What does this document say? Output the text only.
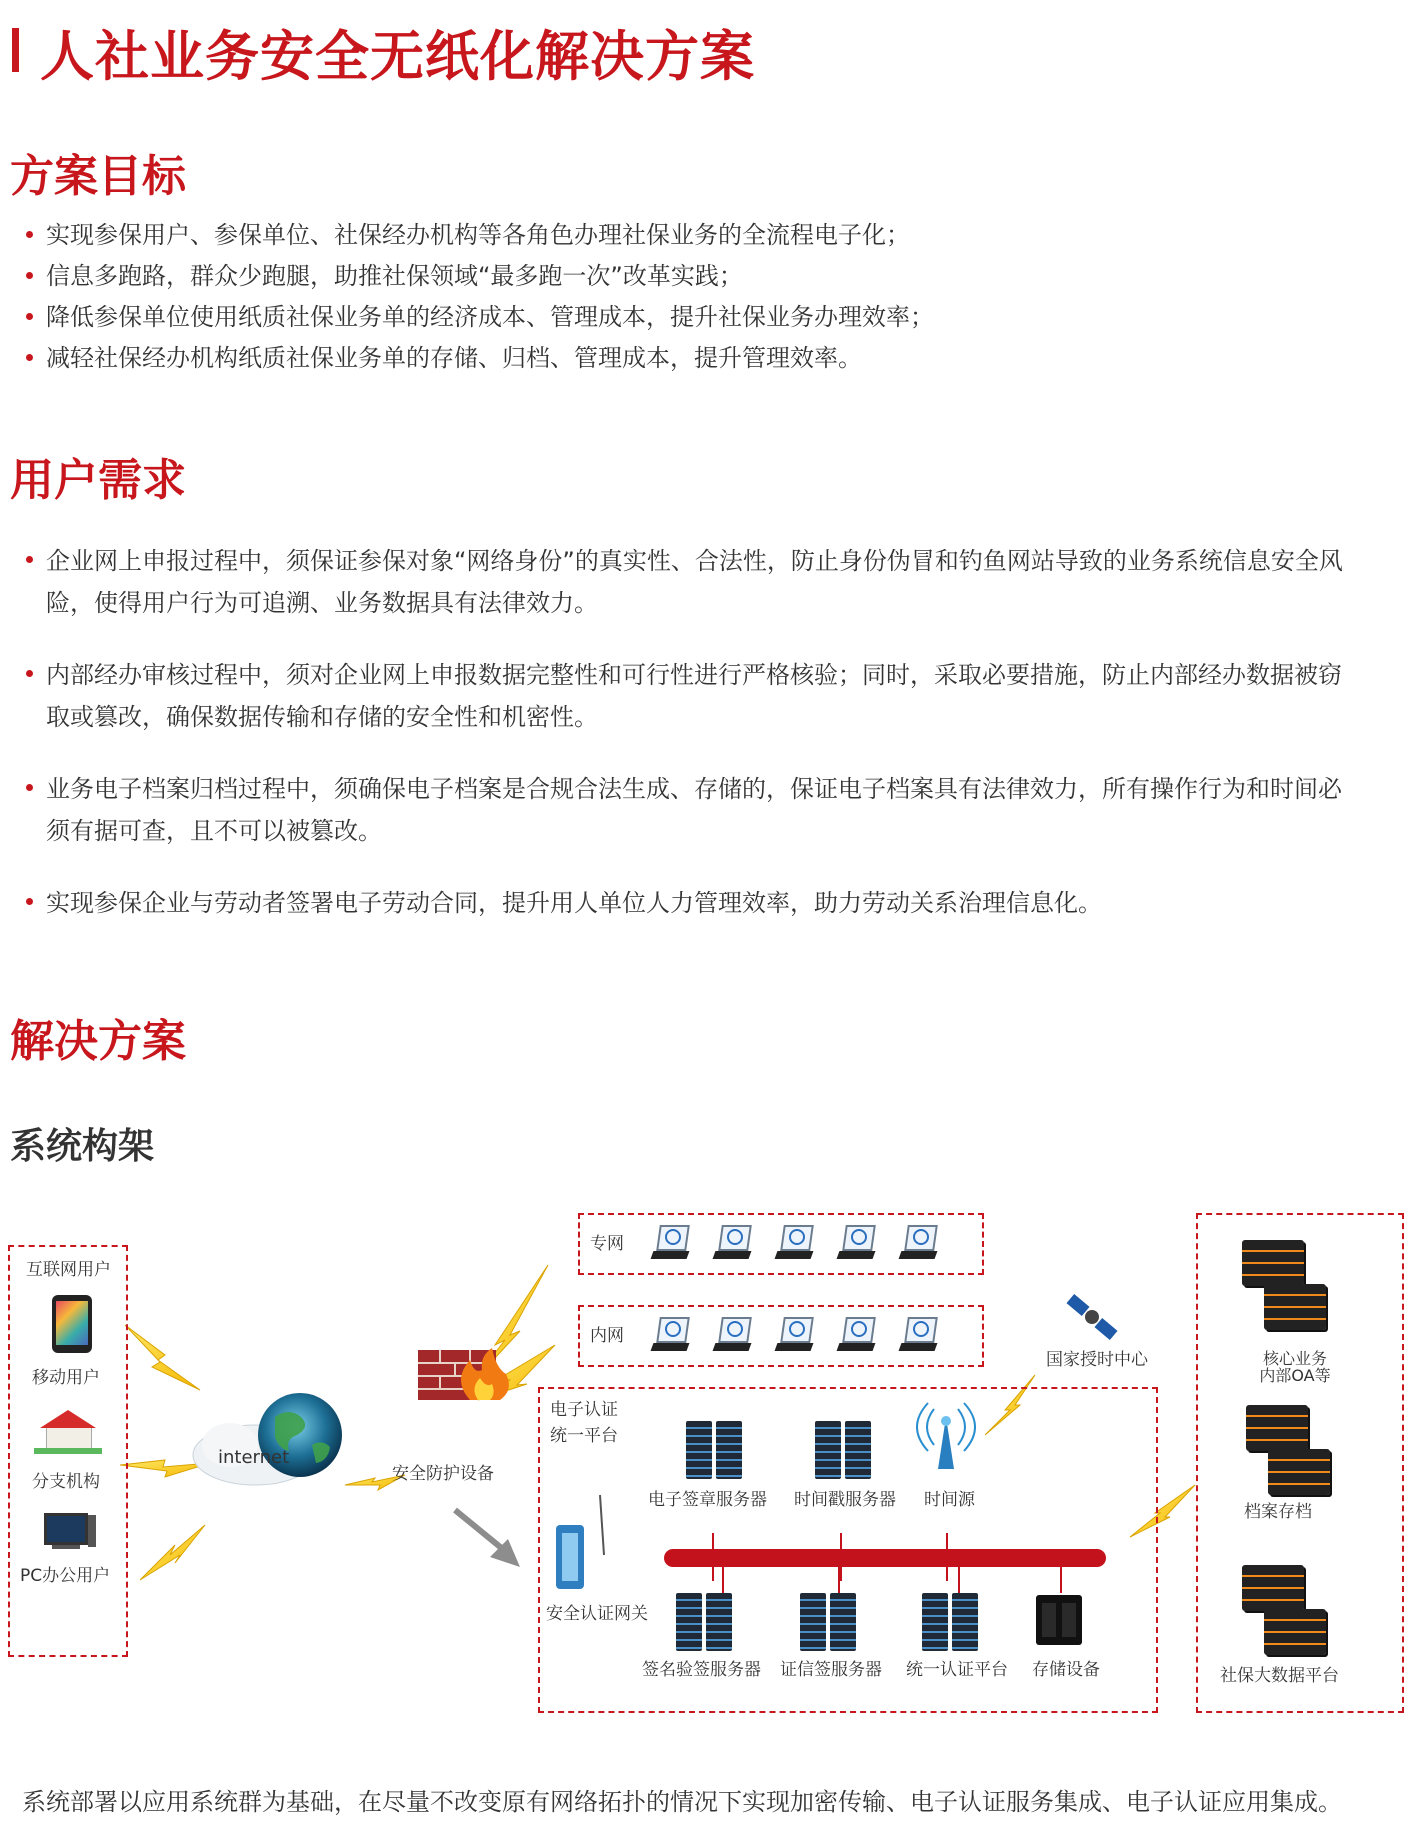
人社业务安全无纸化解决方案
方案目标
实现参保用户、参保单位、社保经办机构等各角色办理社保业务的全流程电子化；
信息多跑路，群众少跑腿，助推社保领域“最多跑一次”改革实践；
降低参保单位使用纸质社保业务单的经济成本、管理成本，提升社保业务办理效率；
减轻社保经办机构纸质社保业务单的存储、归档、管理成本，提升管理效率。
用户需求
企业网上申报过程中，须保证参保对象“网络身份”的真实性、合法性，防止身份伪冒和钓鱼网站导致的业务系统信息安全风险，使得用户行为可追溯、业务数据具有法律效力。
内部经办审核过程中，须对企业网上申报数据完整性和可行性进行严格核验；同时，采取必要措施，防止内部经办数据被窃取或篡改，确保数据传输和存储的安全性和机密性。
业务电子档案归档过程中，须确保电子档案是合规合法生成、存储的，保证电子档案具有法律效力，所有操作行为和时间必须有据可查，且不可以被篡改。
实现参保企业与劳动者签署电子劳动合同，提升用人单位人力管理效率，助力劳动关系治理信息化。
解决方案
系统构架
互联网用户
移动用户
分支机构
PC办公用户
internet
安全防护设备
专网
内网
国家授时中心
电子认证
统一平台
电子签章服务器 时间戳服务器 时间源
安全认证网关
签名验签服务器 证信签服务器 统一认证平台 存储设备
核心业务
内部OA等
档案存档
社保大数据平台
系统部署以应用系统群为基础，在尽量不改变原有网络拓扑的情况下实现加密传输、电子认证服务集成、电子认证应用集成。
